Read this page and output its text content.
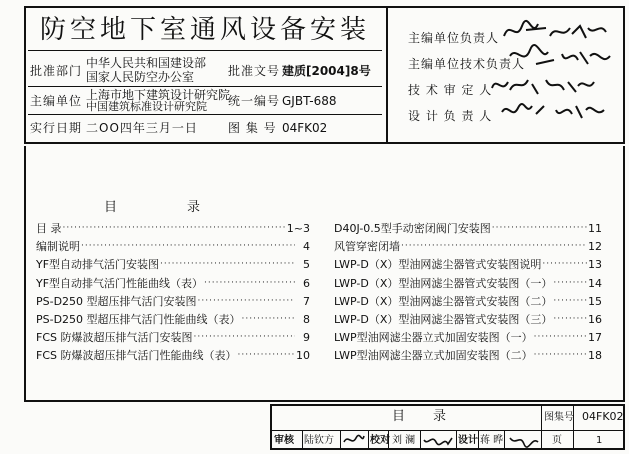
防空地下室通风设备安装
批准部门
中华人民共和国建设部
国家人民防空办公室	批准文号 建质[2004]8号
主编单位 上海市地下建筑设计研究院
中国建筑标准设计研究院 统一编号 GJBT-688
实行日期 二OO四年三月一日	图 集 号 04FK02
主编单位负责人
主编单位技术负责人
技 术 审 定 人
设 计 负 责 人
目录
目 录 ·····	1~3
编制说明 ·····	4
YF型自动排气活门安装图 ·····	5
YF型自动排气活门性能曲线（表） ·····	6
PS-D250 型超压排气活门安装图 ·····	7
PS-D250 型超压排气活门性能曲线（表） ·····	8
FCS 防爆波超压排气活门安装图 ·····	9
FCS 防爆波超压排气活门性能曲线（表） ·····	10
D40J-0.5型手动密闭阀门安装图 ·····	11
风管穿密闭墙 ·····	12
LWP-D（X）型油网滤尘器管式安装图说明 ·····	13
LWP-D（X）型油网滤尘器管式安装图（一） ·····	14
LWP-D（X）型油网滤尘器管式安装图（二） ·····	15
LWP-D（X）型油网滤尘器管式安装图（三） ·····	16
LWP型油网滤尘器立式加固安装图（一） ·····	17
LWP型油网滤尘器立式加固安装图（二） ·····	18
目录	图集号 04FK02
审核 陆钦方	校对 刘 澜	设计 蒋 晔	页	1
